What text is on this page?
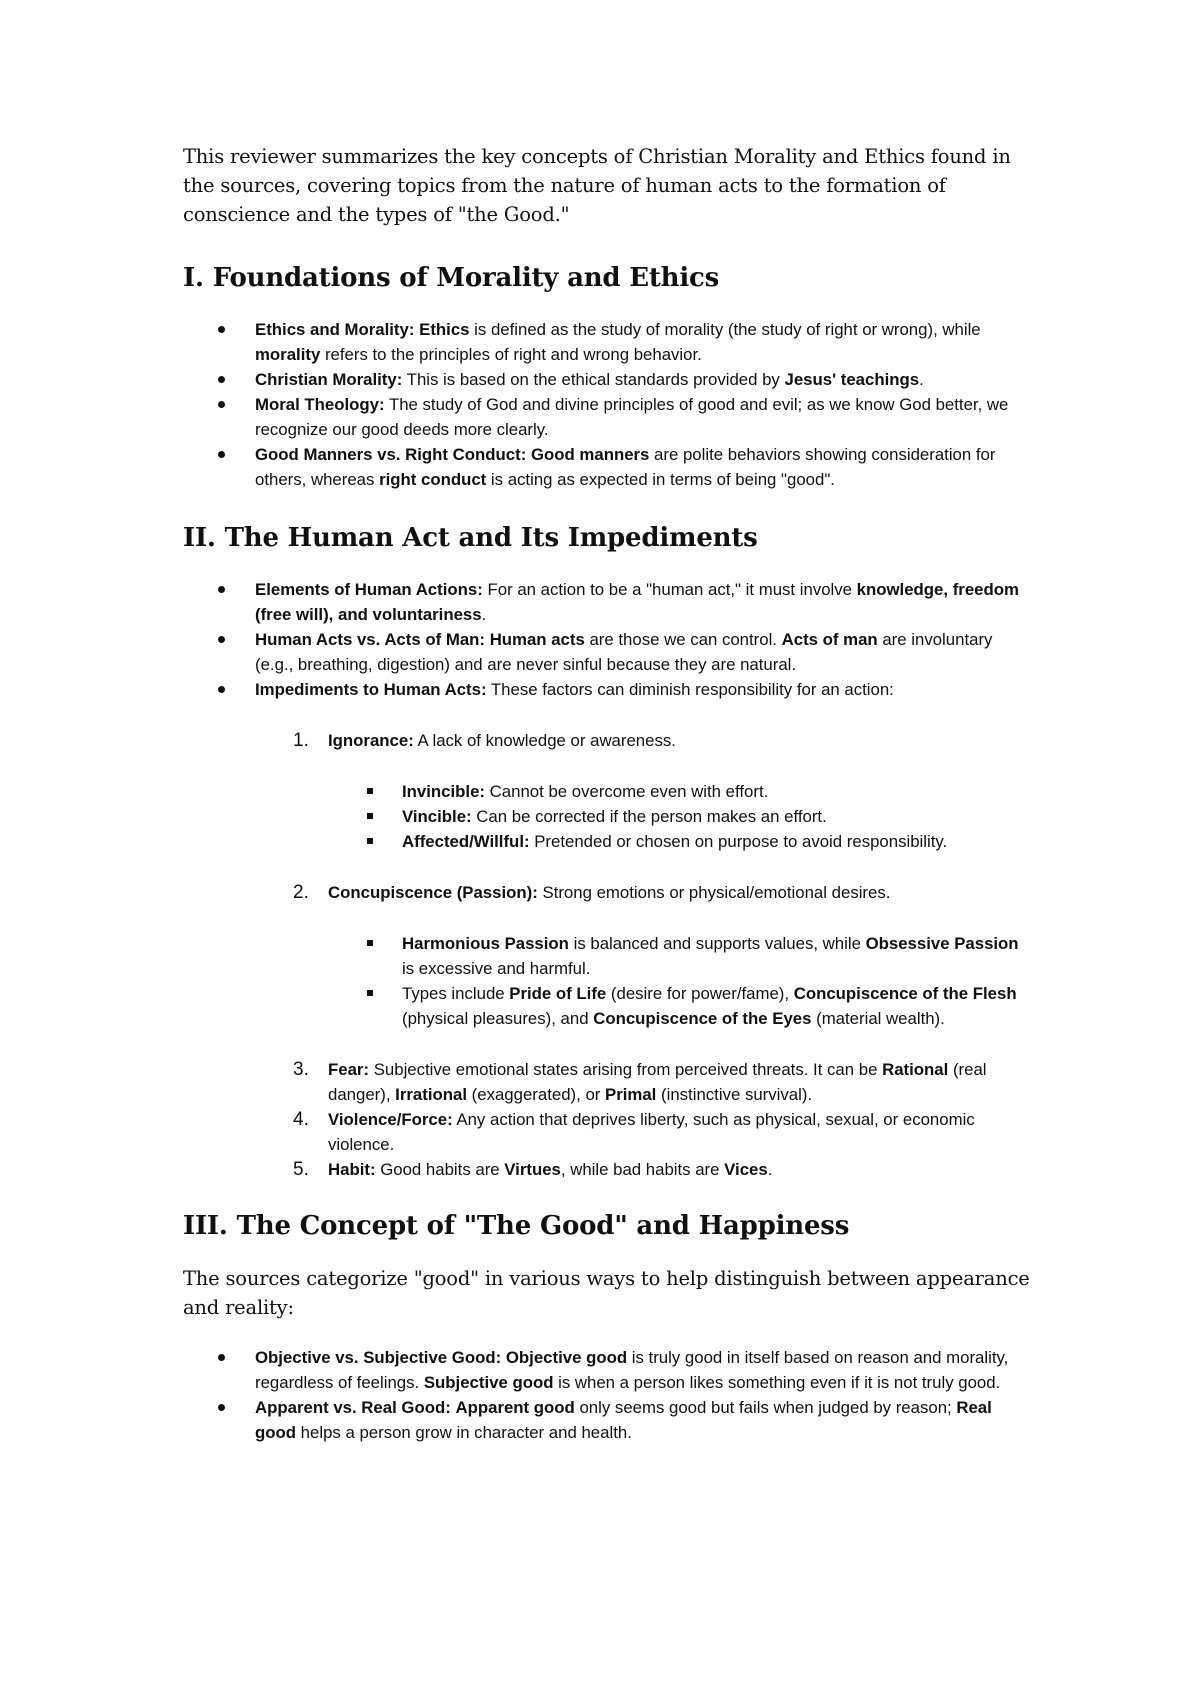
This reviewer summarizes the key concepts of Christian Morality and Ethics found in the sources, covering topics from the nature of human acts to the formation of conscience and the types of "the Good."

I. Foundations of Morality and Ethics
Ethics and Morality: Ethics is defined as the study of morality (the study of right or wrong), while morality refers to the principles of right and wrong behavior.
Christian Morality: This is based on the ethical standards provided by Jesus' teachings.
Moral Theology: The study of God and divine principles of good and evil; as we know God better, we recognize our good deeds more clearly.
Good Manners vs. Right Conduct: Good manners are polite behaviors showing consideration for others, whereas right conduct is acting as expected in terms of being "good".
II. The Human Act and Its Impediments
Elements of Human Actions: For an action to be a "human act," it must involve knowledge, freedom (free will), and voluntariness.
Human Acts vs. Acts of Man: Human acts are those we can control. Acts of man are involuntary (e.g., breathing, digestion) and are never sinful because they are natural.
Impediments to Human Acts: These factors can diminish responsibility for an action:
1. Ignorance: A lack of knowledge or awareness.
Invincible: Cannot be overcome even with effort.
Vincible: Can be corrected if the person makes an effort.
Affected/Willful: Pretended or chosen on purpose to avoid responsibility.
2. Concupiscence (Passion): Strong emotions or physical/emotional desires.
Harmonious Passion is balanced and supports values, while Obsessive Passion is excessive and harmful.
Types include Pride of Life (desire for power/fame), Concupiscence of the Flesh (physical pleasures), and Concupiscence of the Eyes (material wealth).
3. Fear: Subjective emotional states arising from perceived threats. It can be Rational (real danger), Irrational (exaggerated), or Primal (instinctive survival).
4. Violence/Force: Any action that deprives liberty, such as physical, sexual, or economic violence.
5. Habit: Good habits are Virtues, while bad habits are Vices.
III. The Concept of "The Good" and Happiness

The sources categorize "good" in various ways to help distinguish between appearance and reality:

Objective vs. Subjective Good: Objective good is truly good in itself based on reason and morality, regardless of feelings. Subjective good is when a person likes something even if it is not truly good.
Apparent vs. Real Good: Apparent good only seems good but fails when judged by reason; Real good helps a person grow in character and health.
